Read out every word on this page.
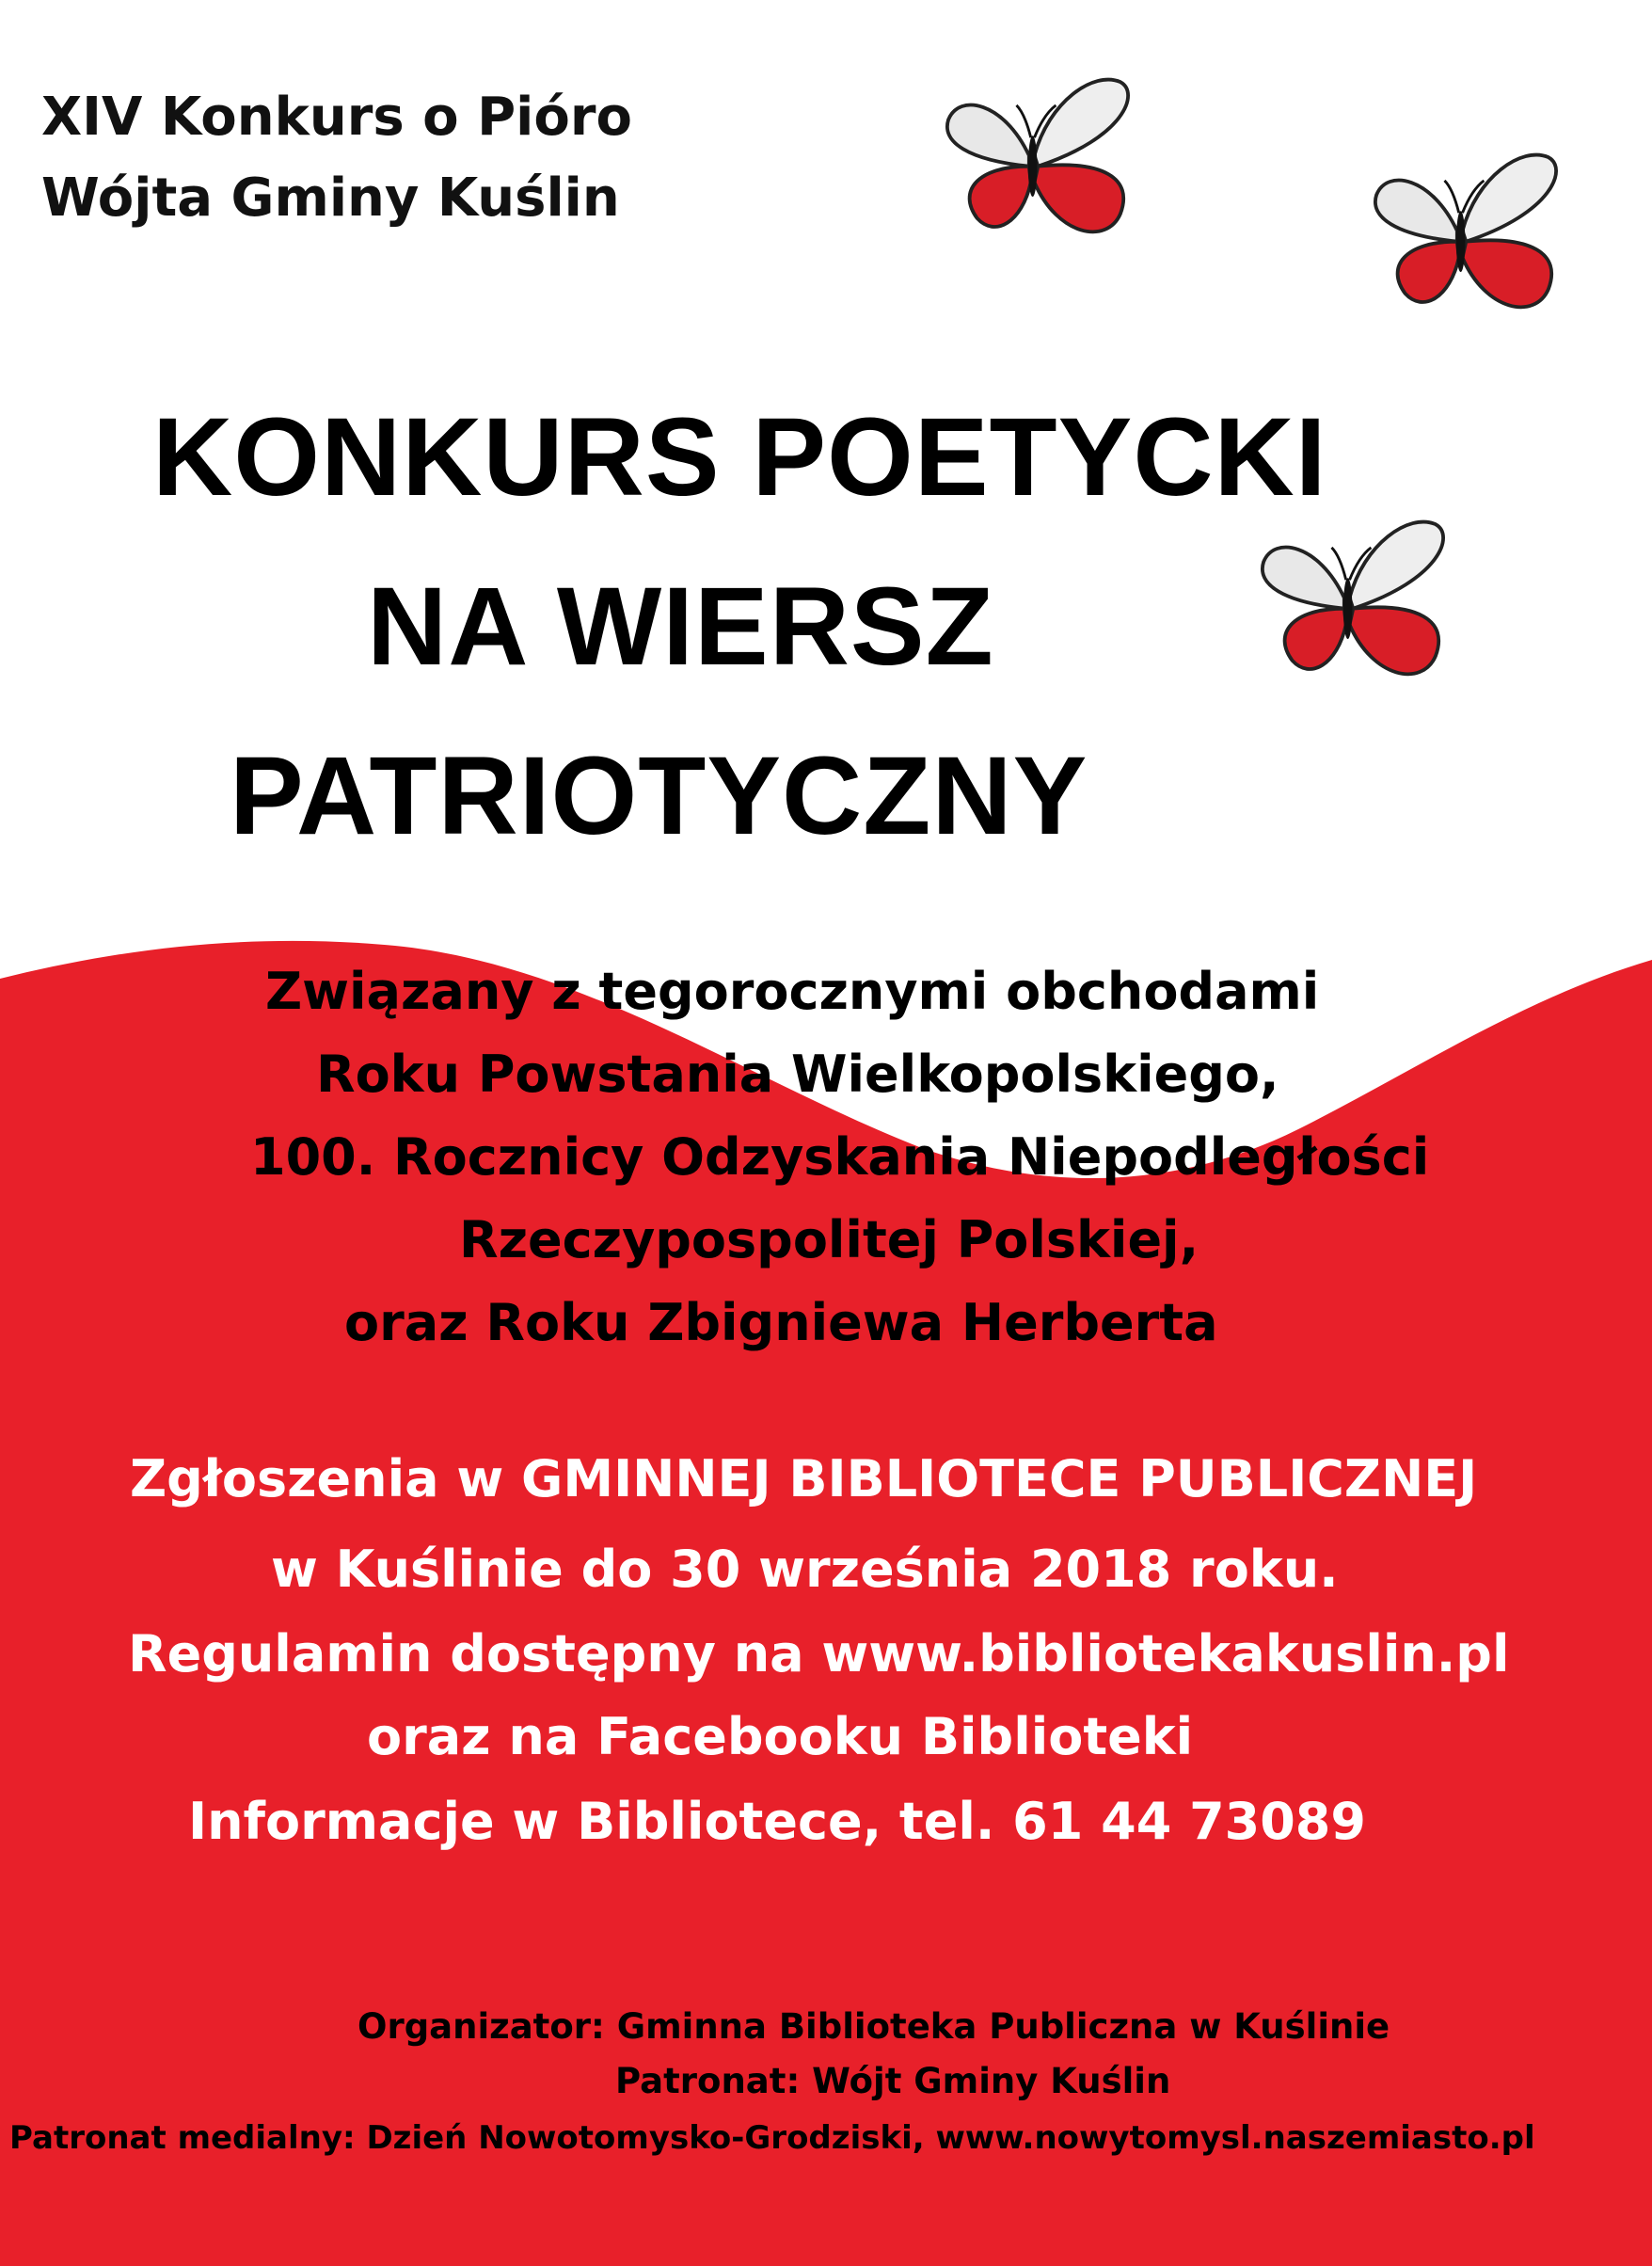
XIV Konkurs o Pióro
Wójta Gminy Kuślin
KONKURS POETYCKI
NA WIERSZ
PATRIOTYCZNY
Związany z tegorocznymi obchodami
Roku Powstania Wielkopolskiego,
100. Rocznicy Odzyskania Niepodległości
Rzeczypospolitej Polskiej,
oraz Roku Zbigniewa Herberta
Zgłoszenia w GMINNEJ BIBLIOTECE PUBLICZNEJ
w Kuślinie do 30 września 2018 roku.
Regulamin dostępny na www.bibliotekakuslin.pl
oraz na Facebooku Biblioteki
Informacje w Bibliotece, tel. 61 44 73089
Organizator: Gminna Biblioteka Publiczna w Kuślinie
Patronat: Wójt Gminy Kuślin
Patronat medialny: Dzień Nowotomysko-Grodziski, www.nowytomysl.naszemiasto.pl
